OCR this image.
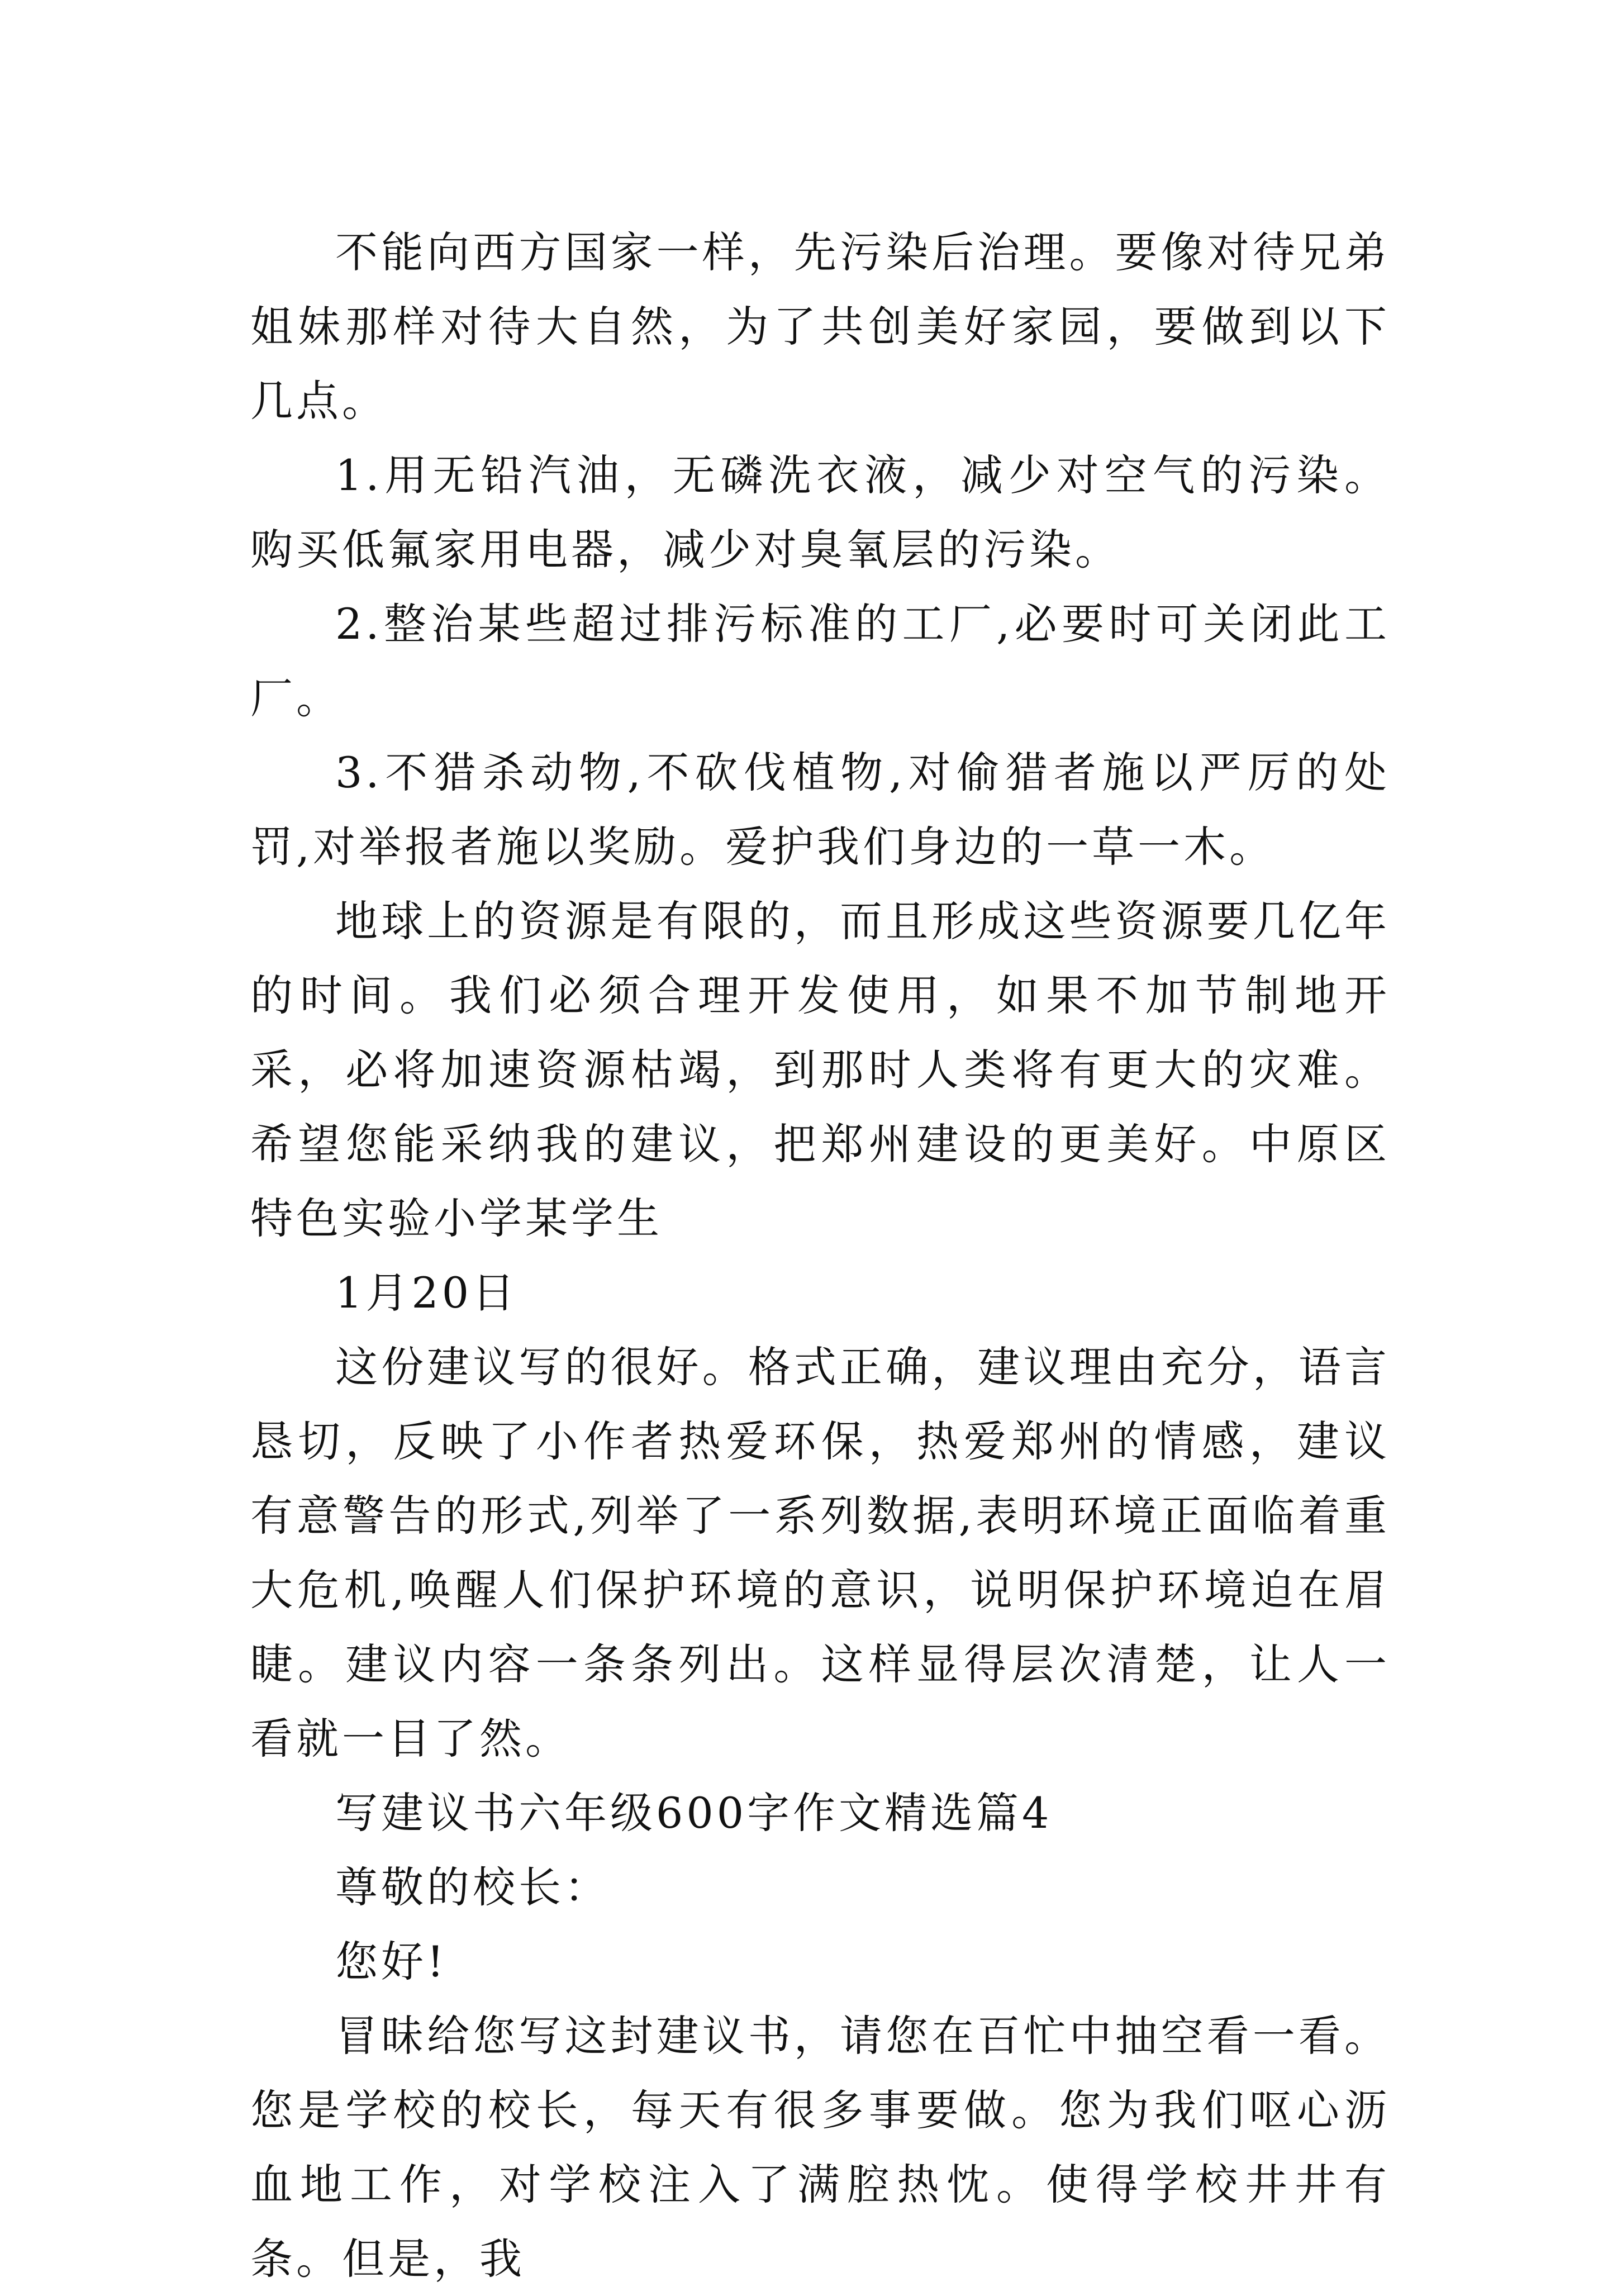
不能向西方国家一样，先污染后治理。要像对待兄弟姐妹那样对待大自然，为了共创美好家园，要做到以下几点。

1.用无铅汽油，无磷洗衣液，减少对空气的污染。购买低氟家用电器，减少对臭氧层的污染。

2.整治某些超过排污标准的工厂,必要时可关闭此工厂。

3.不猎杀动物,不砍伐植物,对偷猎者施以严厉的处罚,对举报者施以奖励。爱护我们身边的一草一木。

地球上的资源是有限的，而且形成这些资源要几亿年的时间。我们必须合理开发使用，如果不加节制地开采，必将加速资源枯竭，到那时人类将有更大的灾难。希望您能采纳我的建议，把郑州建设的更美好。中原区特色实验小学某学生

1月20日

这份建议写的很好。格式正确，建议理由充分，语言恳切，反映了小作者热爱环保，热爱郑州的情感，建议有意警告的形式,列举了一系列数据,表明环境正面临着重大危机,唤醒人们保护环境的意识，说明保护环境迫在眉睫。建议内容一条条列出。这样显得层次清楚，让人一看就一目了然。

写建议书六年级600字作文精选篇4

尊敬的校长：

您好!

冒昧给您写这封建议书，请您在百忙中抽空看一看。您是学校的校长，每天有很多事要做。您为我们呕心沥血地工作，对学校注入了满腔热忱。使得学校井井有条。但是，我
